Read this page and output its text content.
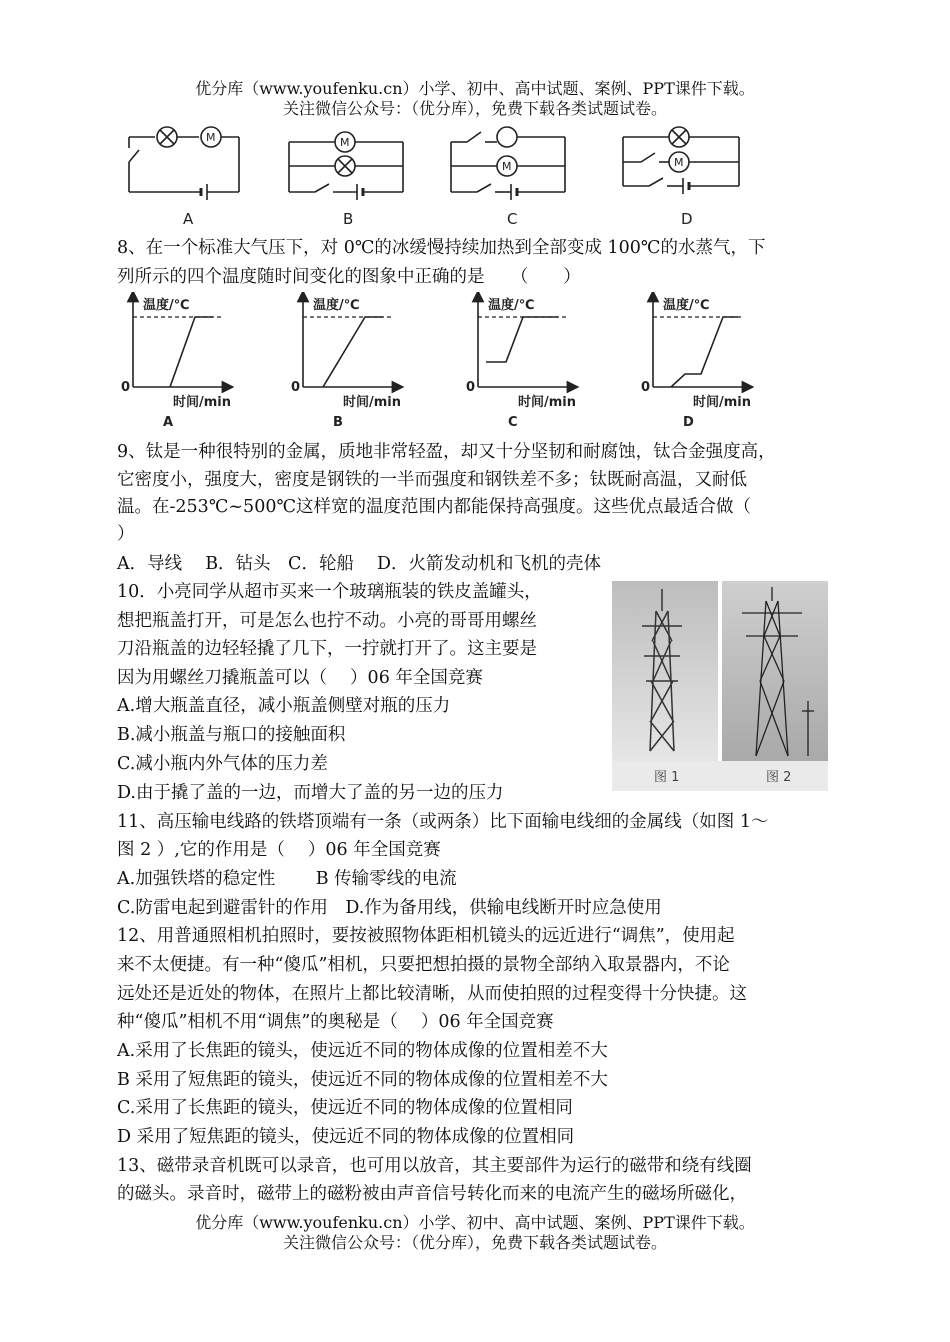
优分库（www.youfenku.cn）小学、初中、高中试题、案例、PPT课件下载。
关注微信公众号：（优分库），免费下载各类试题试卷。
M	M
M	M
A	B	C	D
8、在一个标准大气压下，对 0℃的冰缓慢持续加热到全部变成 100℃的水蒸气，下
列所示的四个温度随时间变化的图象中正确的是　　（　　）
温度/℃
时间/min
0
A
温度/℃
时间/min
0
B
温度/℃
时间/min
0
C
温度/℃
时间/min
0
D
9、钛是一种很特别的金属，质地非常轻盈，却又十分坚韧和耐腐蚀，钛合金强度高，
它密度小，强度大，密度是钢铁的一半而强度和钢铁差不多；钛既耐高温，又耐低
温。在-253℃~500℃这样宽的温度范围内都能保持高强度。这些优点最适合做（
）
A．导线　 B．钻头　C．轮船　 D．火箭发动机和飞机的壳体
10．小亮同学从超市买来一个玻璃瓶装的铁皮盖罐头，
想把瓶盖打开，可是怎么也拧不动。小亮的哥哥用螺丝
刀沿瓶盖的边轻轻撬了几下，一拧就打开了。这主要是
因为用螺丝刀撬瓶盖可以（　 ）06 年全国竞赛
A.增大瓶盖直径，减小瓶盖侧壁对瓶的压力
B.减小瓶盖与瓶口的接触面积
C.减小瓶内外气体的压力差
D.由于撬了盖的一边，而增大了盖的另一边的压力
图 1	图 2
11、高压输电线路的铁塔顶端有一条（或两条）比下面输电线细的金属线（如图 1～
图 2 ）,它的作用是（　 ）06 年全国竞赛
A.加强铁塔的稳定性　　 B 传输零线的电流
C.防雷电起到避雷针的作用　D.作为备用线，供输电线断开时应急使用
12、用普通照相机拍照时，要按被照物体距相机镜头的远近进行“调焦”，使用起
来不太便捷。有一种“傻瓜”相机，只要把想拍摄的景物全部纳入取景器内，不论
远处还是近处的物体，在照片上都比较清晰，从而使拍照的过程变得十分快捷。这
种“傻瓜”相机不用“调焦”的奥秘是（　 ）06 年全国竞赛
A.采用了长焦距的镜头，使远近不同的物体成像的位置相差不大
B 采用了短焦距的镜头，使远近不同的物体成像的位置相差不大
C.采用了长焦距的镜头，使远近不同的物体成像的位置相同
D 采用了短焦距的镜头，使远近不同的物体成像的位置相同
13、磁带录音机既可以录音，也可用以放音，其主要部件为运行的磁带和绕有线圈
的磁头。录音时，磁带上的磁粉被由声音信号转化而来的电流产生的磁场所磁化，
优分库（www.youfenku.cn）小学、初中、高中试题、案例、PPT课件下载。
关注微信公众号：（优分库），免费下载各类试题试卷。
